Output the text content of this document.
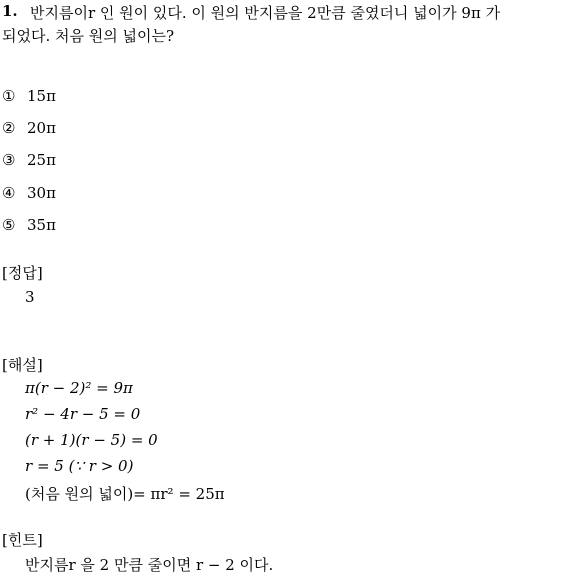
1. 반지름이r 인 원이 있다. 이 원의 반지름을 2만큼 줄였더니 넓이가 9π 가
되었다. 처음 원의 넓이는?
① 15π
② 20π
③ 25π
④ 30π
⑤ 35π
[정답]
3
[해설]
π(r − 2)² = 9π
r² − 4r − 5 = 0
(r + 1)(r − 5) = 0
r = 5 (∵ r > 0)
(처음 원의 넓이)= πr² = 25π
[힌트]
반지름r 을 2 만큼 줄이면 r − 2 이다.
